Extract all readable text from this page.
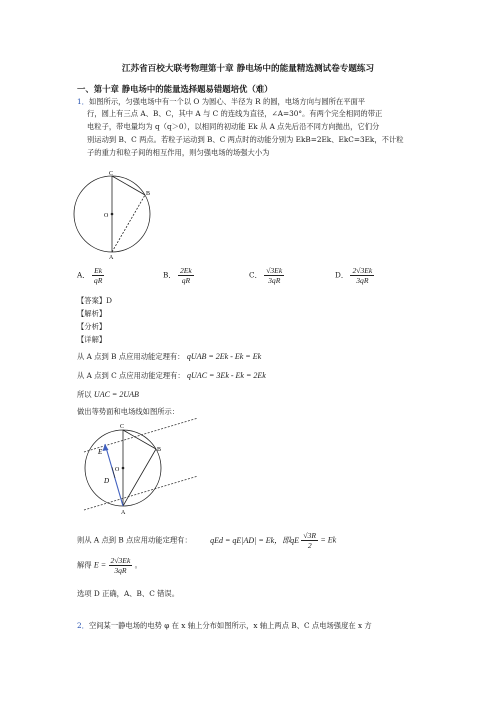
江苏省百校大联考物理第十章 静电场中的能量精选测试卷专题练习
一、第十章 静电场中的能量选择题易错题培优（难）
1．如图所示，匀强电场中有一个以 O 为圆心、半径为 R 的圆，电场方向与圆所在平面平
行，圆上有三点 A、B、C，其中 A 与 C 的连线为直径，∠A=30°。有两个完全相同的带正
电粒子，带电量均为 q（q＞0），以相同的初动能 Ek 从 A 点先后沿不同方向抛出，它们分
别运动到 B、C 两点。若粒子运动到 B、C 两点时的动能分别为 EkB=2Ek、EkC=3Ek，不计粒
子的重力和粒子间的相互作用，则匀强电场的场强大小为
C
B
O
A
A． $\frac{Ek}{qR}$	B． $\frac{2Ek}{qR}$	C． $\frac{√3Ek}{3qR}$	D． $\frac{2√3Ek}{3qR}$
【答案】D
【解析】
【分析】
【详解】
从 A 点到 B 点应用动能定理有： qUAB = 2Ek - Ek = Ek
从 A 点到 C 点应用动能定理有： qUAC = 3Ek - Ek = 2Ek
所以 UAC = 2UAB
做出等势面和电场线如图所示：
C
B
O
A
E
D
则从 A 点到 B 点应用动能定理有： qEd = qE|AD| = Ek，即qE $\frac{√3R}{2} = Ek$
解得 $E = \frac{2√3Ek}{3qR}$ 。
选项 D 正确，A、B、C 错误。
2．空间某一静电场的电势 φ 在 x 轴上分布如图所示，x 轴上两点 B、C 点电场强度在 x 方
